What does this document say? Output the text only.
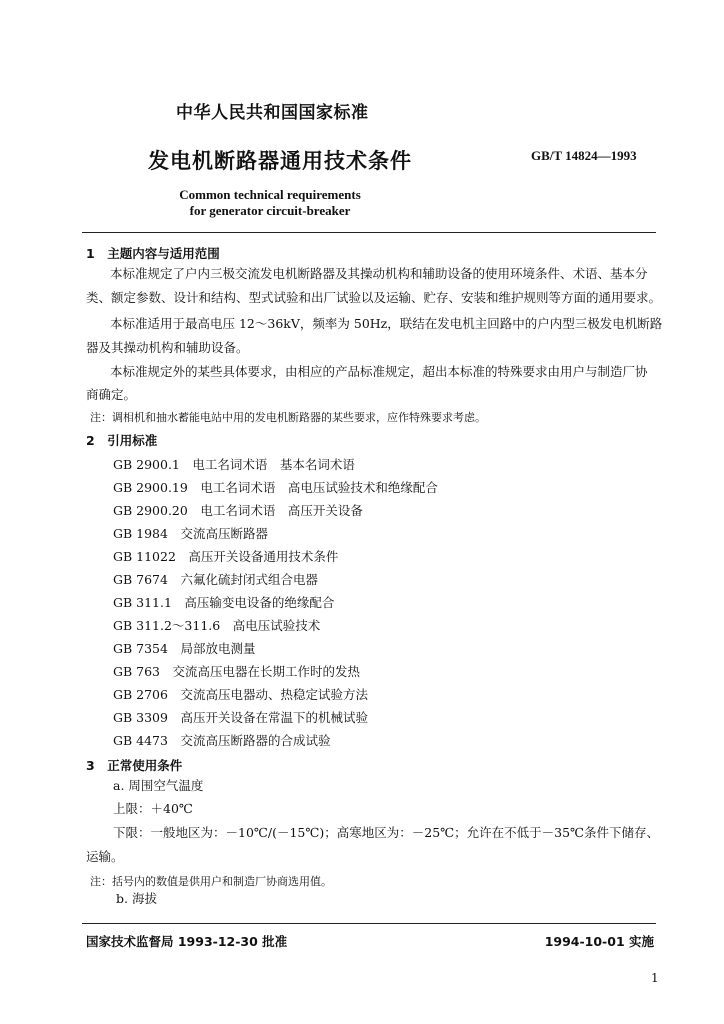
中华人民共和国国家标准
发电机断路器通用技术条件	GB/T 14824—1993
Common technical requirements
for generator circuit-breaker
1　主题内容与适用范围
本标准规定了户内三极交流发电机断路器及其操动机构和辅助设备的使用环境条件、术语、基本分
类、额定参数、设计和结构、型式试验和出厂试验以及运输、贮存、安装和维护规则等方面的通用要求。
本标准适用于最高电压 12～36kV，频率为 50Hz，联结在发电机主回路中的户内型三极发电机断路
器及其操动机构和辅助设备。
本标准规定外的某些具体要求，由相应的产品标准规定，超出本标准的特殊要求由用户与制造厂协
商确定。
注：调相机和抽水蓄能电站中用的发电机断路器的某些要求，应作特殊要求考虑。
2　引用标准
GB 2900.1　电工名词术语　基本名词术语
GB 2900.19　电工名词术语　高电压试验技术和绝缘配合
GB 2900.20　电工名词术语　高压开关设备
GB 1984　交流高压断路器
GB 11022　高压开关设备通用技术条件
GB 7674　六氟化硫封闭式组合电器
GB 311.1　高压输变电设备的绝缘配合
GB 311.2～311.6　高电压试验技术
GB 7354　局部放电测量
GB 763　交流高压电器在长期工作时的发热
GB 2706　交流高压电器动、热稳定试验方法
GB 3309　高压开关设备在常温下的机械试验
GB 4473　交流高压断路器的合成试验
3　正常使用条件
a. 周围空气温度
上限：＋40℃
下限：一般地区为：－10℃/(－15℃)；高寒地区为：－25℃；允许在不低于－35℃条件下储存、
运输。
注：括号内的数值是供用户和制造厂协商选用值。
b. 海拔
国家技术监督局 1993-12-30 批准	1994-10-01 实施
1
